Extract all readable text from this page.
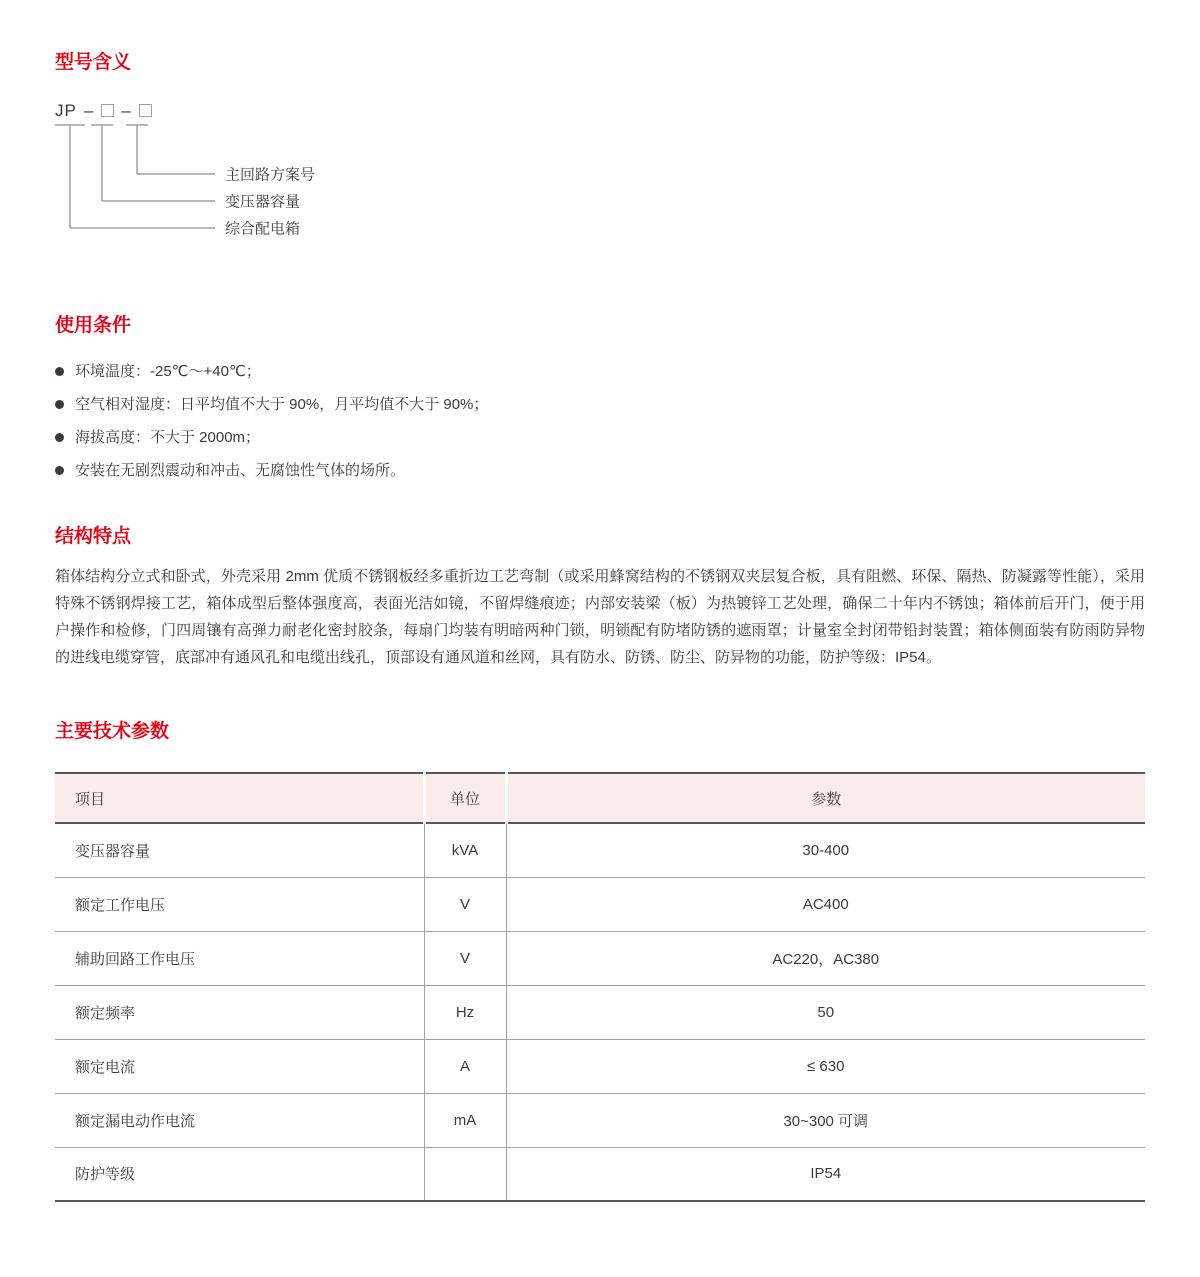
型号含义
JP – –
主回路方案号
变压器容量
综合配电箱
使用条件
环境温度：-25℃～+40℃；
空气相对湿度：日平均值不大于 90%，月平均值不大于 90%；
海拔高度：不大于 2000m；
安装在无剧烈震动和冲击、无腐蚀性气体的场所。
结构特点

箱体结构分立式和卧式，外壳采用 2mm 优质不锈钢板经多重折边工艺弯制（或采用蜂窝结构的不锈钢双夹层复合板，具有阻燃、环保、隔热、防凝露等性能），采用特殊不锈钢焊接工艺，箱体成型后整体强度高，表面光洁如镜，不留焊缝痕迹；内部安装梁（板）为热镀锌工艺处理，确保二十年内不锈蚀；箱体前后开门，便于用户操作和检修，门四周镶有高弹力耐老化密封胶条，每扇门均装有明暗两种门锁，明锁配有防堵防锈的遮雨罩；计量室全封闭带铅封装置；箱体侧面装有防雨防异物的进线电缆穿管，底部冲有通风孔和电缆出线孔，顶部设有通风道和丝网，具有防水、防锈、防尘、防异物的功能，防护等级：IP54。

主要技术参数
项目	单位	参数
变压器容量	kVA	30-400
额定工作电压	V	AC400
辅助回路工作电压	V	AC220，AC380
额定频率	Hz	50
额定电流	A	≤ 630
额定漏电动作电流	mA	30~300 可调
防护等级		IP54
